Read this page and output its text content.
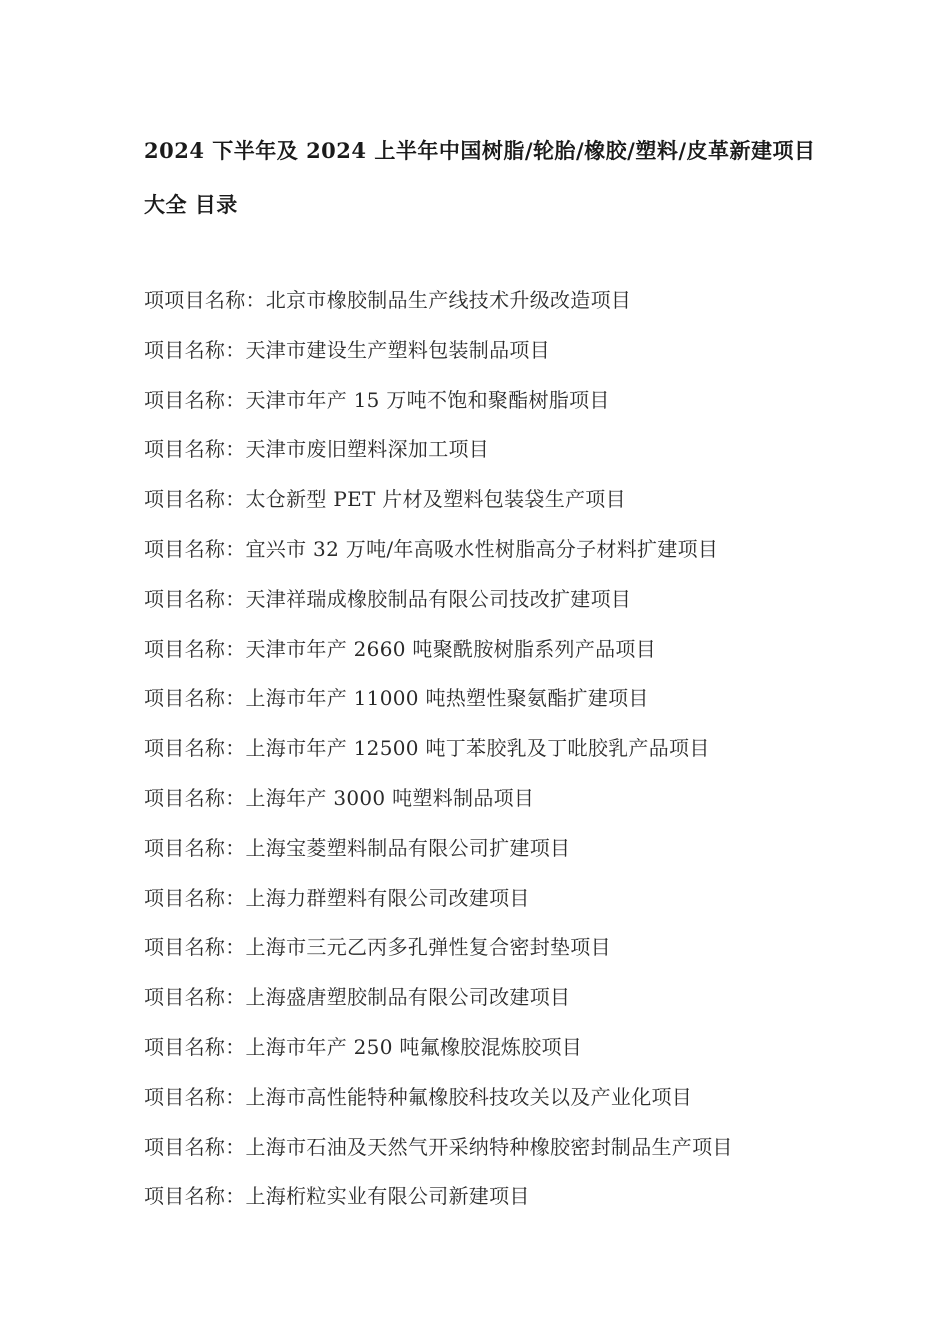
2024 下半年及 2024 上半年中国树脂/轮胎/橡胶/塑料/皮革新建项目
大全 目录
项项目名称：北京市橡胶制品生产线技术升级改造项目
项目名称：天津市建设生产塑料包装制品项目
项目名称：天津市年产 15 万吨不饱和聚酯树脂项目
项目名称：天津市废旧塑料深加工项目
项目名称：太仓新型 PET 片材及塑料包装袋生产项目
项目名称：宜兴市 32 万吨/年高吸水性树脂高分子材料扩建项目
项目名称：天津祥瑞成橡胶制品有限公司技改扩建项目
项目名称：天津市年产 2660 吨聚酰胺树脂系列产品项目
项目名称：上海市年产 11000 吨热塑性聚氨酯扩建项目
项目名称：上海市年产 12500 吨丁苯胶乳及丁吡胶乳产品项目
项目名称：上海年产 3000 吨塑料制品项目
项目名称：上海宝菱塑料制品有限公司扩建项目
项目名称：上海力群塑料有限公司改建项目
项目名称：上海市三元乙丙多孔弹性复合密封垫项目
项目名称：上海盛唐塑胶制品有限公司改建项目
项目名称：上海市年产 250 吨氟橡胶混炼胶项目
项目名称：上海市高性能特种氟橡胶科技攻关以及产业化项目
项目名称：上海市石油及天然气开采纳特种橡胶密封制品生产项目
项目名称：上海桁粒实业有限公司新建项目
